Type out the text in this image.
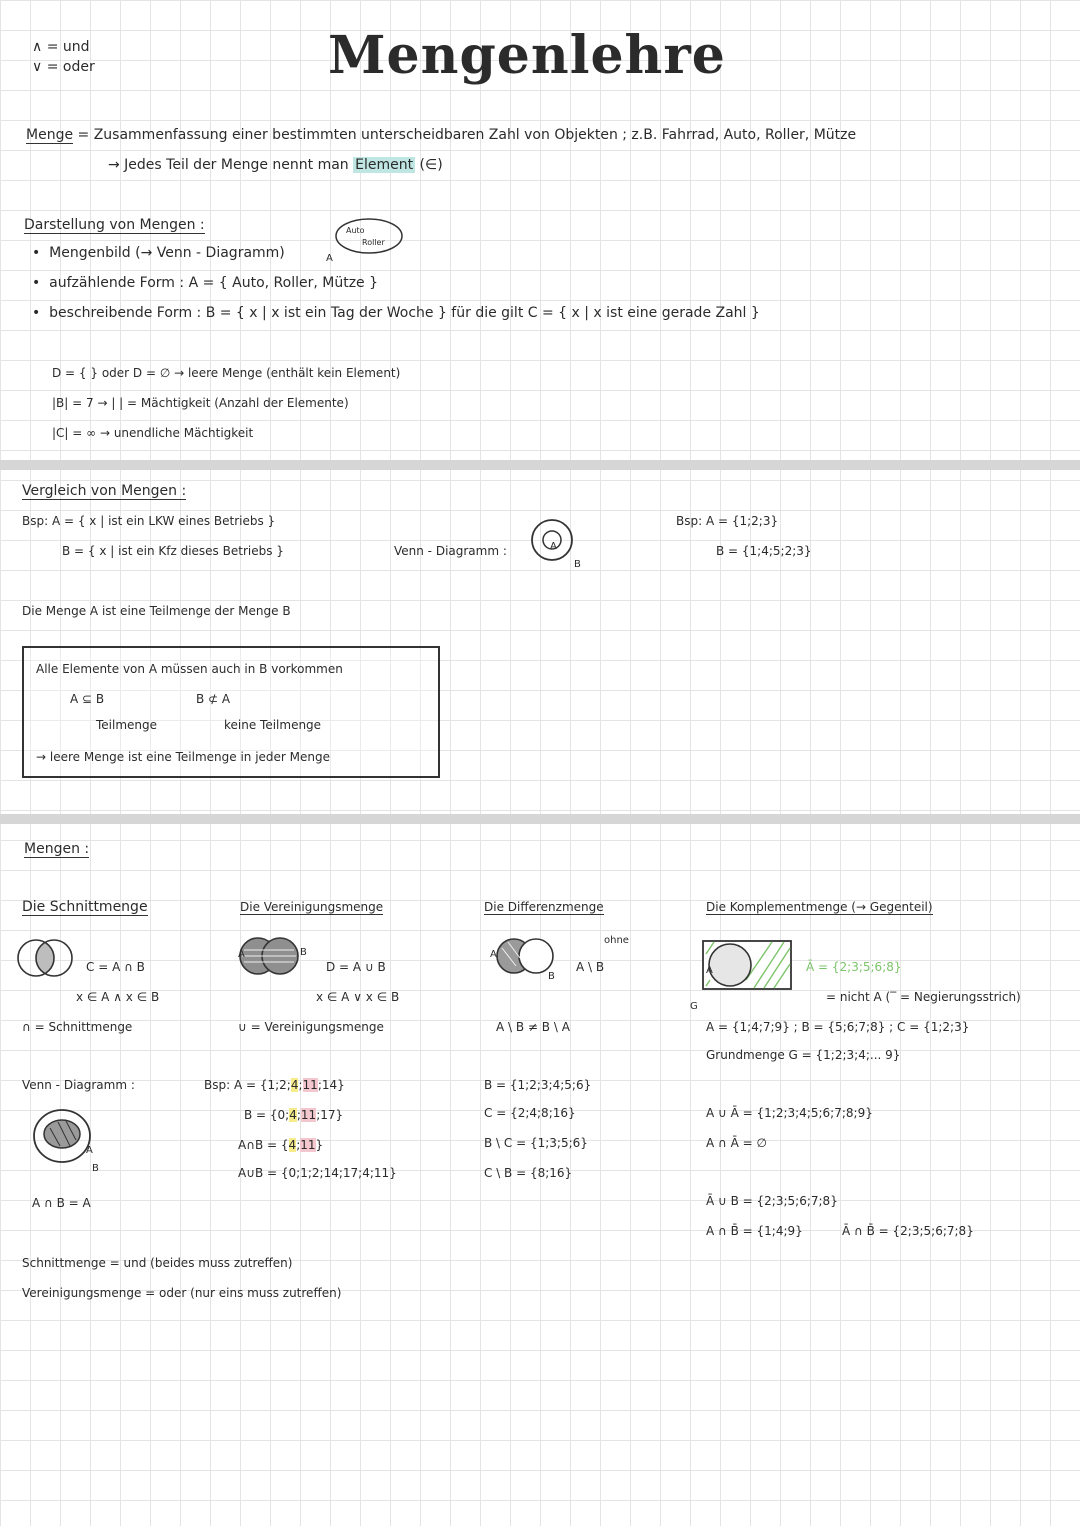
∧ = und
∨ = oder	Mengenlehre
Menge = Zusammenfassung einer bestimmten unterscheidbaren Zahl von Objekten ; z.B. Fahrrad, Auto, Roller, Mütze
→ Jedes Teil der Menge nennt man Element (∈)
Darstellung von Mengen :
•  Mengenbild (→ Venn - Diagramm)	A
Auto
Roller
•  aufzählende Form : A = { Auto, Roller, Mütze }
•  beschreibende Form : B = { x | x ist ein Tag der Woche } für die gilt C = { x | x ist eine gerade Zahl }
D = { } oder D = ∅ → leere Menge (enthält kein Element)
|B| = 7 → | | = Mächtigkeit (Anzahl der Elemente)
|C| = ∞ → unendliche Mächtigkeit
Vergleich von Mengen :
Bsp: A = { x | ist ein LKW eines Betriebs }
B = { x | ist ein Kfz dieses Betriebs }	Venn - Diagramm :	A
B
Bsp: A = {1;2;3}
B = {1;4;5;2;3}
Die Menge A ist eine Teilmenge der Menge B
Alle Elemente von A müssen auch in B vorkommen
A ⊆ B	B ⊄ A
Teilmenge	keine Teilmenge
→ leere Menge ist eine Teilmenge in jeder Menge
Mengen :
Die Schnittmenge
C = A ∩ B
x ∈ A ∧ x ∈ B
∩ = Schnittmenge
Venn - Diagramm :
A
B
A ∩ B = A
Die Vereinigungsmenge
A	B
D = A ∪ B
x ∈ A ∨ x ∈ B
∪ = Vereinigungsmenge
Bsp: A = {1;2;4;11;14}
B = {0;4;11;17}
A∩B = {4;11}
A∪B = {0;1;2;14;17;4;11}
Die Differenzmenge
A
B
ohne
A \ B
A \ B ≠ B \ A
B = {1;2;3;4;5;6}
C = {2;4;8;16}
B \ C = {1;3;5;6}
C \ B = {8;16}
Die Komplementmenge (→ Gegenteil)
A
G
Ā = {2;3;5;6;8}
= nicht A (‾ = Negierungsstrich)
A = {1;4;7;9} ; B = {5;6;7;8} ; C = {1;2;3}
Grundmenge G = {1;2;3;4;... 9}
A ∪ Ā = {1;2;3;4;5;6;7;8;9}
A ∩ Ā = ∅
Ā ∪ B = {2;3;5;6;7;8}
A ∩ B̄ = {1;4;9}	Ā ∩ B̄ = {2;3;5;6;7;8}
Schnittmenge = und (beides muss zutreffen)
Vereinigungsmenge = oder (nur eins muss zutreffen)
